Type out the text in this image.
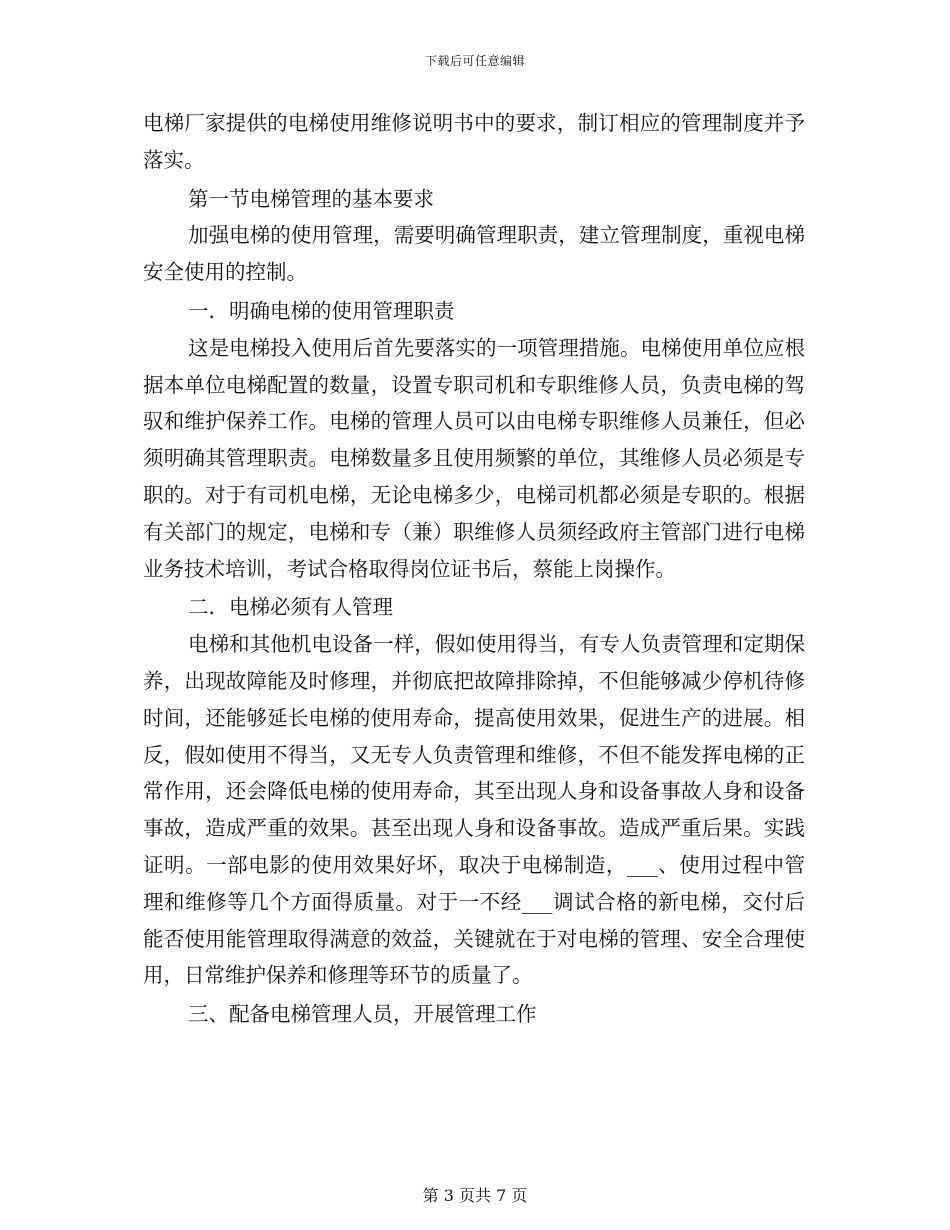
下载后可任意编辑

电梯厂家提供的电梯使用维修说明书中的要求，制订相应的管理制度并予落实。

第一节电梯管理的基本要求

加强电梯的使用管理，需要明确管理职责，建立管理制度，重视电梯安全使用的控制。

一．明确电梯的使用管理职责

这是电梯投入使用后首先要落实的一项管理措施。电梯使用单位应根据本单位电梯配置的数量，设置专职司机和专职维修人员，负责电梯的驾驭和维护保养工作。电梯的管理人员可以由电梯专职维修人员兼任，但必须明确其管理职责。电梯数量多且使用频繁的单位，其维修人员必须是专职的。对于有司机电梯，无论电梯多少，电梯司机都必须是专职的。根据有关部门的规定，电梯和专（兼）职维修人员须经政府主管部门进行电梯业务技术培训，考试合格取得岗位证书后，蔡能上岗操作。

二．电梯必须有人管理

电梯和其他机电设备一样，假如使用得当，有专人负责管理和定期保养，出现故障能及时修理，并彻底把故障排除掉，不但能够减少停机待修时间，还能够延长电梯的使用寿命，提高使用效果，促进生产的进展。相反，假如使用不得当，又无专人负责管理和维修，不但不能发挥电梯的正常作用，还会降低电梯的使用寿命，其至出现人身和设备事故人身和设备事故，造成严重的效果。甚至出现人身和设备事故。造成严重后果。实践证明。一部电影的使用效果好坏，取决于电梯制造，___、使用过程中管理和维修等几个方面得质量。对于一不经___调试合格的新电梯，交付后能否使用能管理取得满意的效益，关键就在于对电梯的管理、安全合理使用，日常维护保养和修理等环节的质量了。

三、配备电梯管理人员，开展管理工作

第 3 页共 7 页
